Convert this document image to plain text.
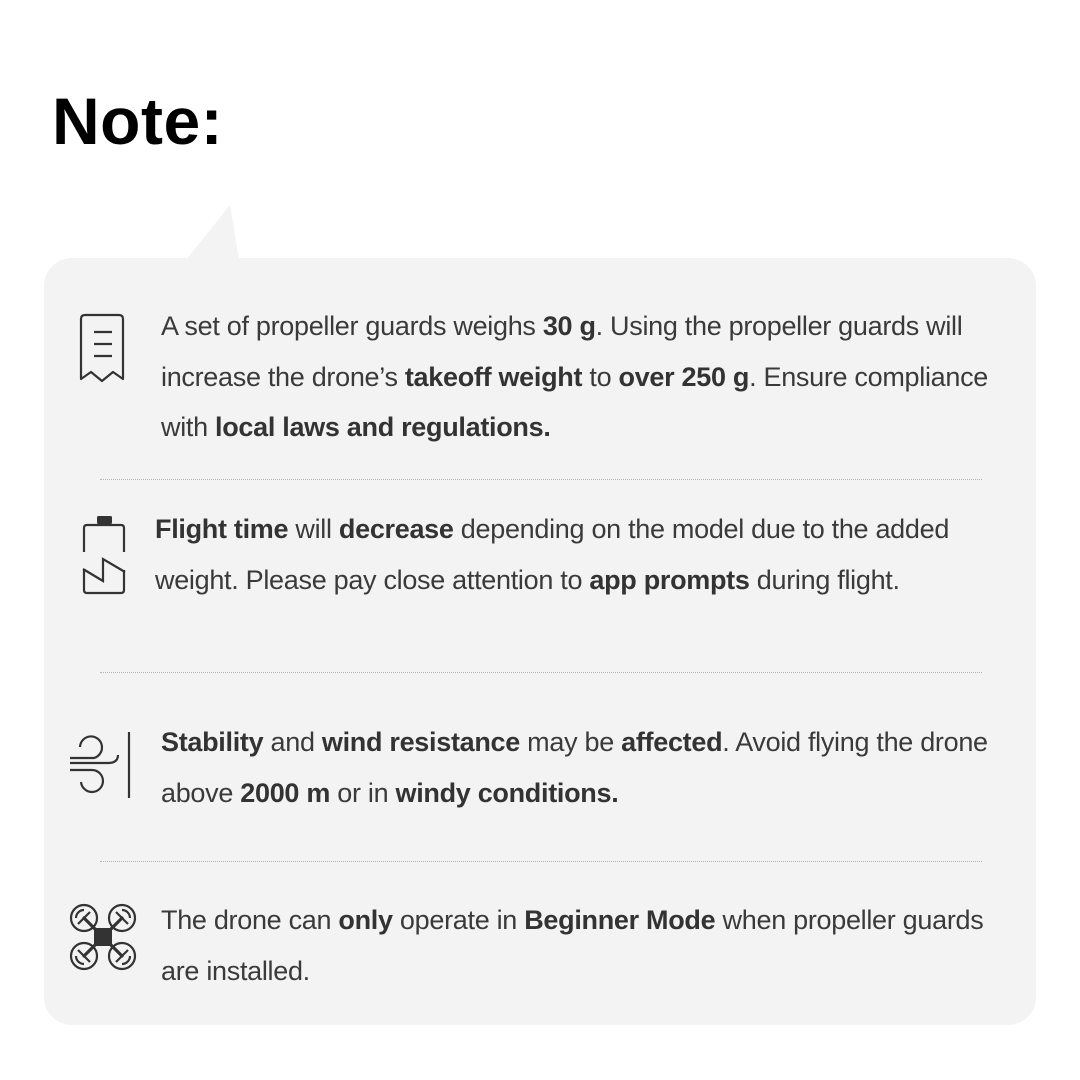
Note:

A set of propeller guards weighs 30 g. Using the propeller guards will increase the drone’s takeoff weight to over 250 g. Ensure compliance with local laws and regulations.

Flight time will decrease depending on the model due to the added weight. Please pay close attention to app prompts during flight.

Stability and wind resistance may be affected. Avoid flying the drone above 2000 m or in windy conditions.

The drone can only operate in Beginner Mode when propeller guards are installed.
